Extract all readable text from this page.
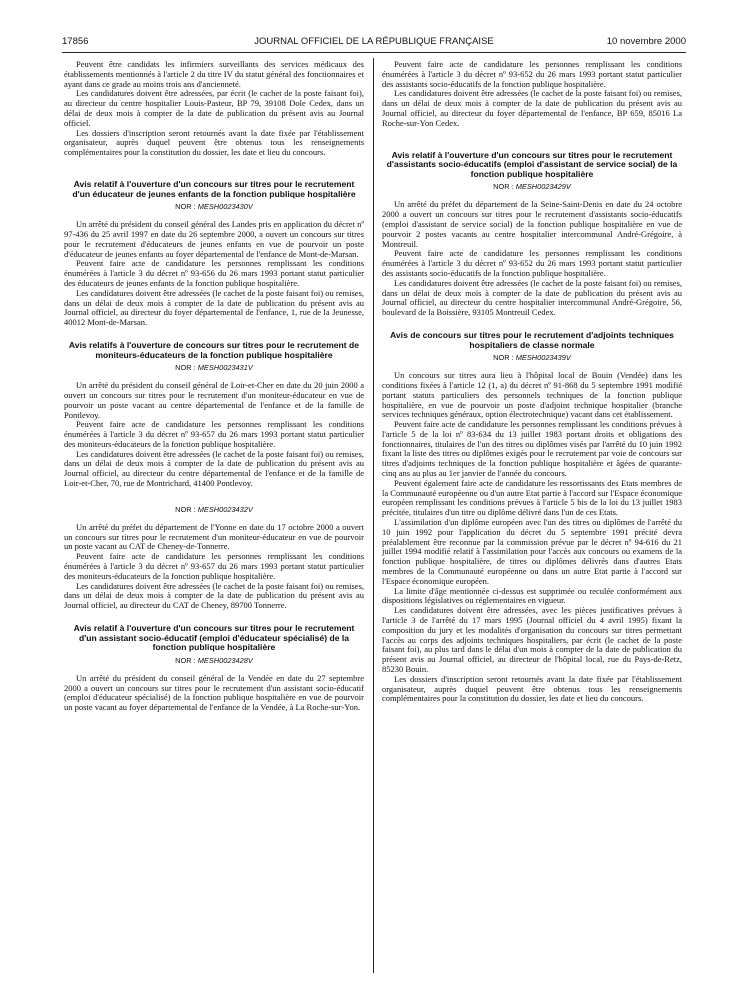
17856	JOURNAL OFFICIEL DE LA RÉPUBLIQUE FRANÇAISE	10 novembre 2000

Peuvent être candidats les infirmiers surveillants des services médicaux des établissements mentionnés à l'article 2 du titre IV du statut général des fonctionnaires et ayant dans ce grade au moins trois ans d'ancienneté.

Les candidatures doivent être adressées, par écrit (le cachet de la poste faisant foi), au directeur du centre hospitalier Louis-Pasteur, BP 79, 39108 Dole Cedex, dans un délai de deux mois à compter de la date de publication du présent avis au Journal officiel.

Les dossiers d'inscription seront retournés avant la date fixée par l'établissement organisateur, auprès duquel peuvent être obtenus tous les renseignements complémentaires pour la constitution du dossier, les date et lieu du concours.

Avis relatif à l'ouverture d'un concours sur titres pour le recrutement d'un éducateur de jeunes enfants de la fonction publique hospitalière
NOR : MESH0023430V

Un arrêté du président du conseil général des Landes pris en application du décret nº 97-436 du 25 avril 1997 en date du 26 septembre 2000, a ouvert un concours sur titres pour le recrutement d'éducateurs de jeunes enfants en vue de pourvoir un poste d'éducateur de jeunes enfants au foyer départemental de l'enfance de Mont-de-Marsan.

Peuvent faire acte de candidature les personnes remplissant les conditions énumérées à l'article 3 du décret nº 93-656 du 26 mars 1993 portant statut particulier des éducateurs de jeunes enfants de la fonction publique hospitalière.

Les candidatures doivent être adressées (le cachet de la poste faisant foi) ou remises, dans un délai de deux mois à compter de la date de publication du présent avis au Journal officiel, au directeur du foyer départemental de l'enfance, 1, rue de la Jeunesse, 40012 Mont-de-Marsan.

Avis relatifs à l'ouverture de concours sur titres pour le recrutement de moniteurs-éducateurs de la fonction publique hospitalière
NOR : MESH0023431V

Un arrêté du président du conseil général de Loir-et-Cher en date du 20 juin 2000 a ouvert un concours sur titres pour le recrutement d'un moniteur-éducateur en vue de pourvoir un poste vacant au centre départemental de l'enfance et de la famille de Pontlevoy.

Peuvent faire acte de candidature les personnes remplissant les conditions énumérées à l'article 3 du décret nº 93-657 du 26 mars 1993 portant statut particulier des moniteurs-éducateurs de la fonction publique hospitalière.

Les candidatures doivent être adressées (le cachet de la poste faisant foi) ou remises, dans un délai de deux mois à compter de la date de publication du présent avis au Journal officiel, au directeur du centre départemental de l'enfance et de la famille de Loir-et-Cher, 70, rue de Montrichard, 41400 Pontlevoy.

NOR : MESH0023432V

Un arrêté du préfet du département de l'Yonne en date du 17 octobre 2000 a ouvert un concours sur titres pour le recrutement d'un moniteur-éducateur en vue de pourvoir un poste vacant au CAT de Cheney-de-Tonnerre.

Peuvent faire acte de candidature les personnes remplissant les conditions énumérées à l'article 3 du décret nº 93-657 du 26 mars 1993 portant statut particulier des moniteurs-éducateurs de la fonction publique hospitalière.

Les candidatures doivent être adressées (le cachet de la poste faisant foi) ou remises, dans un délai de deux mois à compter de la date de publication du présent avis au Journal officiel, au directeur du CAT de Cheney, 89700 Tonnerre.

Avis relatif à l'ouverture d'un concours sur titres pour le recrutement d'un assistant socio-éducatif (emploi d'éducateur spécialisé) de la fonction publique hospitalière
NOR : MESH0023428V

Un arrêté du président du conseil général de la Vendée en date du 27 septembre 2000 a ouvert un concours sur titres pour le recrutement d'un assistant socio-éducatif (emploi d'éducateur spécialisé) de la fonction publique hospitalière en vue de pourvoir un poste vacant au foyer départemental de l'enfance de la Vendée, à La Roche-sur-Yon.

Peuvent faire acte de candidature les personnes remplissant les conditions énumérées à l'article 3 du décret nº 93-652 du 26 mars 1993 portant statut particulier des assistants socio-éducatifs de la fonction publique hospitalière.

Les candidatures doivent être adressées (le cachet de la poste faisant foi) ou remises, dans un délai de deux mois à compter de la date de publication du présent avis au Journal officiel, au directeur du foyer départemental de l'enfance, BP 659, 85016 La Roche-sur-Yon Cedex.

Avis relatif à l'ouverture d'un concours sur titres pour le recrutement d'assistants socio-éducatifs (emploi d'assistant de service social) de la fonction publique hospitalière
NOR : MESH0023429V

Un arrêté du préfet du département de la Seine-Saint-Denis en date du 24 octobre 2000 a ouvert un concours sur titres pour le recrutement d'assistants socio-éducatifs (emploi d'assistant de service social) de la fonction publique hospitalière en vue de pourvoir 2 postes vacants au centre hospitalier intercommunal André-Grégoire, à Montreuil.

Peuvent faire acte de candidature les personnes remplissant les conditions énumérées à l'article 3 du décret nº 93-652 du 26 mars 1993 portant statut particulier des assistants socio-éducatifs de la fonction publique hospitalière.

Les candidatures doivent être adressées (le cachet de la poste faisant foi) ou remises, dans un délai de deux mois à compter de la date de publication du présent avis au Journal officiel, au directeur du centre hospitalier intercommunal André-Grégoire, 56, boulevard de la Boissière, 93105 Montreuil Cedex.

Avis de concours sur titres pour le recrutement d'adjoints techniques hospitaliers de classe normale
NOR : MESH0023439V

Un concours sur titres aura lieu à l'hôpital local de Bouin (Vendée) dans les conditions fixées à l'article 12 (1, a) du décret nº 91-868 du 5 septembre 1991 modifié portant statuts particuliers des personnels techniques de la fonction publique hospitalière, en vue de pourvoir un poste d'adjoint technique hospitalier (branche services techniques généraux, option électrotechnique) vacant dans cet établissement.

Peuvent faire acte de candidature les personnes remplissant les conditions prévues à l'article 5 de la loi nº 83-634 du 13 juillet 1983 portant droits et obligations des fonctionnaires, titulaires de l'un des titres ou diplômes visés par l'arrêté du 10 juin 1992 fixant la liste des titres ou diplômes exigés pour le recrutement par voie de concours sur titres d'adjoints techniques de la fonction publique hospitalière et âgées de quarante-cinq ans au plus au 1er janvier de l'année du concours.

Peuvent également faire acte de candidature les ressortissants des Etats membres de la Communauté européenne ou d'un autre Etat partie à l'accord sur l'Espace économique européen remplissant les conditions prévues à l'article 5 bis de la loi du 13 juillet 1983 précitée, titulaires d'un titre ou diplôme délivré dans l'un de ces Etats.

L'assimilation d'un diplôme européen avec l'un des titres ou diplômes de l'arrêté du 10 juin 1992 pour l'application du décret du 5 septembre 1991 précité devra préalablement être reconnue par la commission prévue par le décret nº 94-616 du 21 juillet 1994 modifié relatif à l'assimilation pour l'accès aux concours ou examens de la fonction publique hospitalière, de titres ou diplômes délivrés dans d'autres Etats membres de la Communauté européenne ou dans un autre Etat partie à l'accord sur l'Espace économique européen.

La limite d'âge mentionnée ci-dessus est supprimée ou reculée conformément aux dispositions législatives ou réglementaires en vigueur.

Les candidatures doivent être adressées, avec les pièces justificatives prévues à l'article 3 de l'arrêté du 17 mars 1995 (Journal officiel du 4 avril 1995) fixant la composition du jury et les modalités d'organisation du concours sur titres permettant l'accès au corps des adjoints techniques hospitaliers, par écrit (le cachet de la poste faisant foi), au plus tard dans le délai d'un mois à compter de la date de publication du présent avis au Journal officiel, au directeur de l'hôpital local, rue du Pays-de-Retz, 85230 Bouin.

Les dossiers d'inscription seront retournés avant la date fixée par l'établissement organisateur, auprès duquel peuvent être obtenus tous les renseignements complémentaires pour la constitution du dossier, les date et lieu du concours.
